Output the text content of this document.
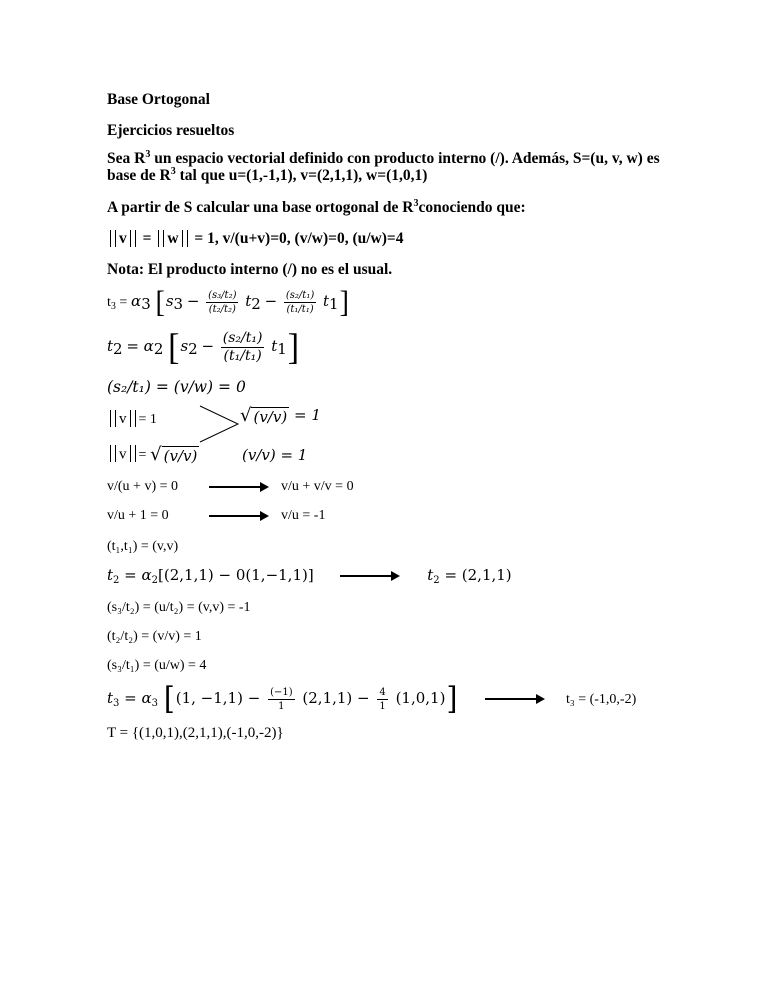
Base Ortogonal
Ejercicios resueltos
Sea $R^3$ un espacio vectorial definido con producto interno (/). Además, S=(u, v, w) es
base de $R^3$ tal que u=(1,-1,1), v=(2,1,1), w=(1,0,1)
A partir de S calcular una base ortogonal de $R^3conociendo$ que:
v = w = 1, v/(u+v)=0, (v/w)=0, (u/w)=4
Nota: El producto interno (/) no es el usual.
$t_3 = \alpha_3$ $[s_3 - \frac{\text{(s₃/t₂)}}{\text{(t₂/t₂)}} t_2 - \frac{\text{(s₂/t₁)}}{\text{(t₁/t₁)}} t_1]$
$t_2 = \alpha_2$ $[s_2 - \frac{\text{(s₂/t₁)}}{\text{(t₁/t₁)}} t_1]$
(s₂/t₁) = (v/w) = 0
v = 1	√ (v/v) = 1
v = √ (v/v)	(v/v) = 1
v/(u + v) = 0	v/u + v/v = 0
v/u + 1 = 0	v/u = -1
(t₁,t₁) = (v,v)
$t_2 = \alpha_2[(2,1,1) - 0(1,-1,1)]$	$t_2 = (2,1,1)$
(s₃/t₂) = (u/t₂) = (v,v) = -1
(t₂/t₂) = (v/v) = 1
(s₃/t₁) = (u/w) = 4
$t_3 = \alpha_3$ [(1, $-1,1) - \frac{(-1)}{1} (2,1,1) - \frac{4}{1} (1,0,1)$]	t₃ = (-1,0,-2)
T = {(1,0,1),(2,1,1),(-1,0,-2)}
